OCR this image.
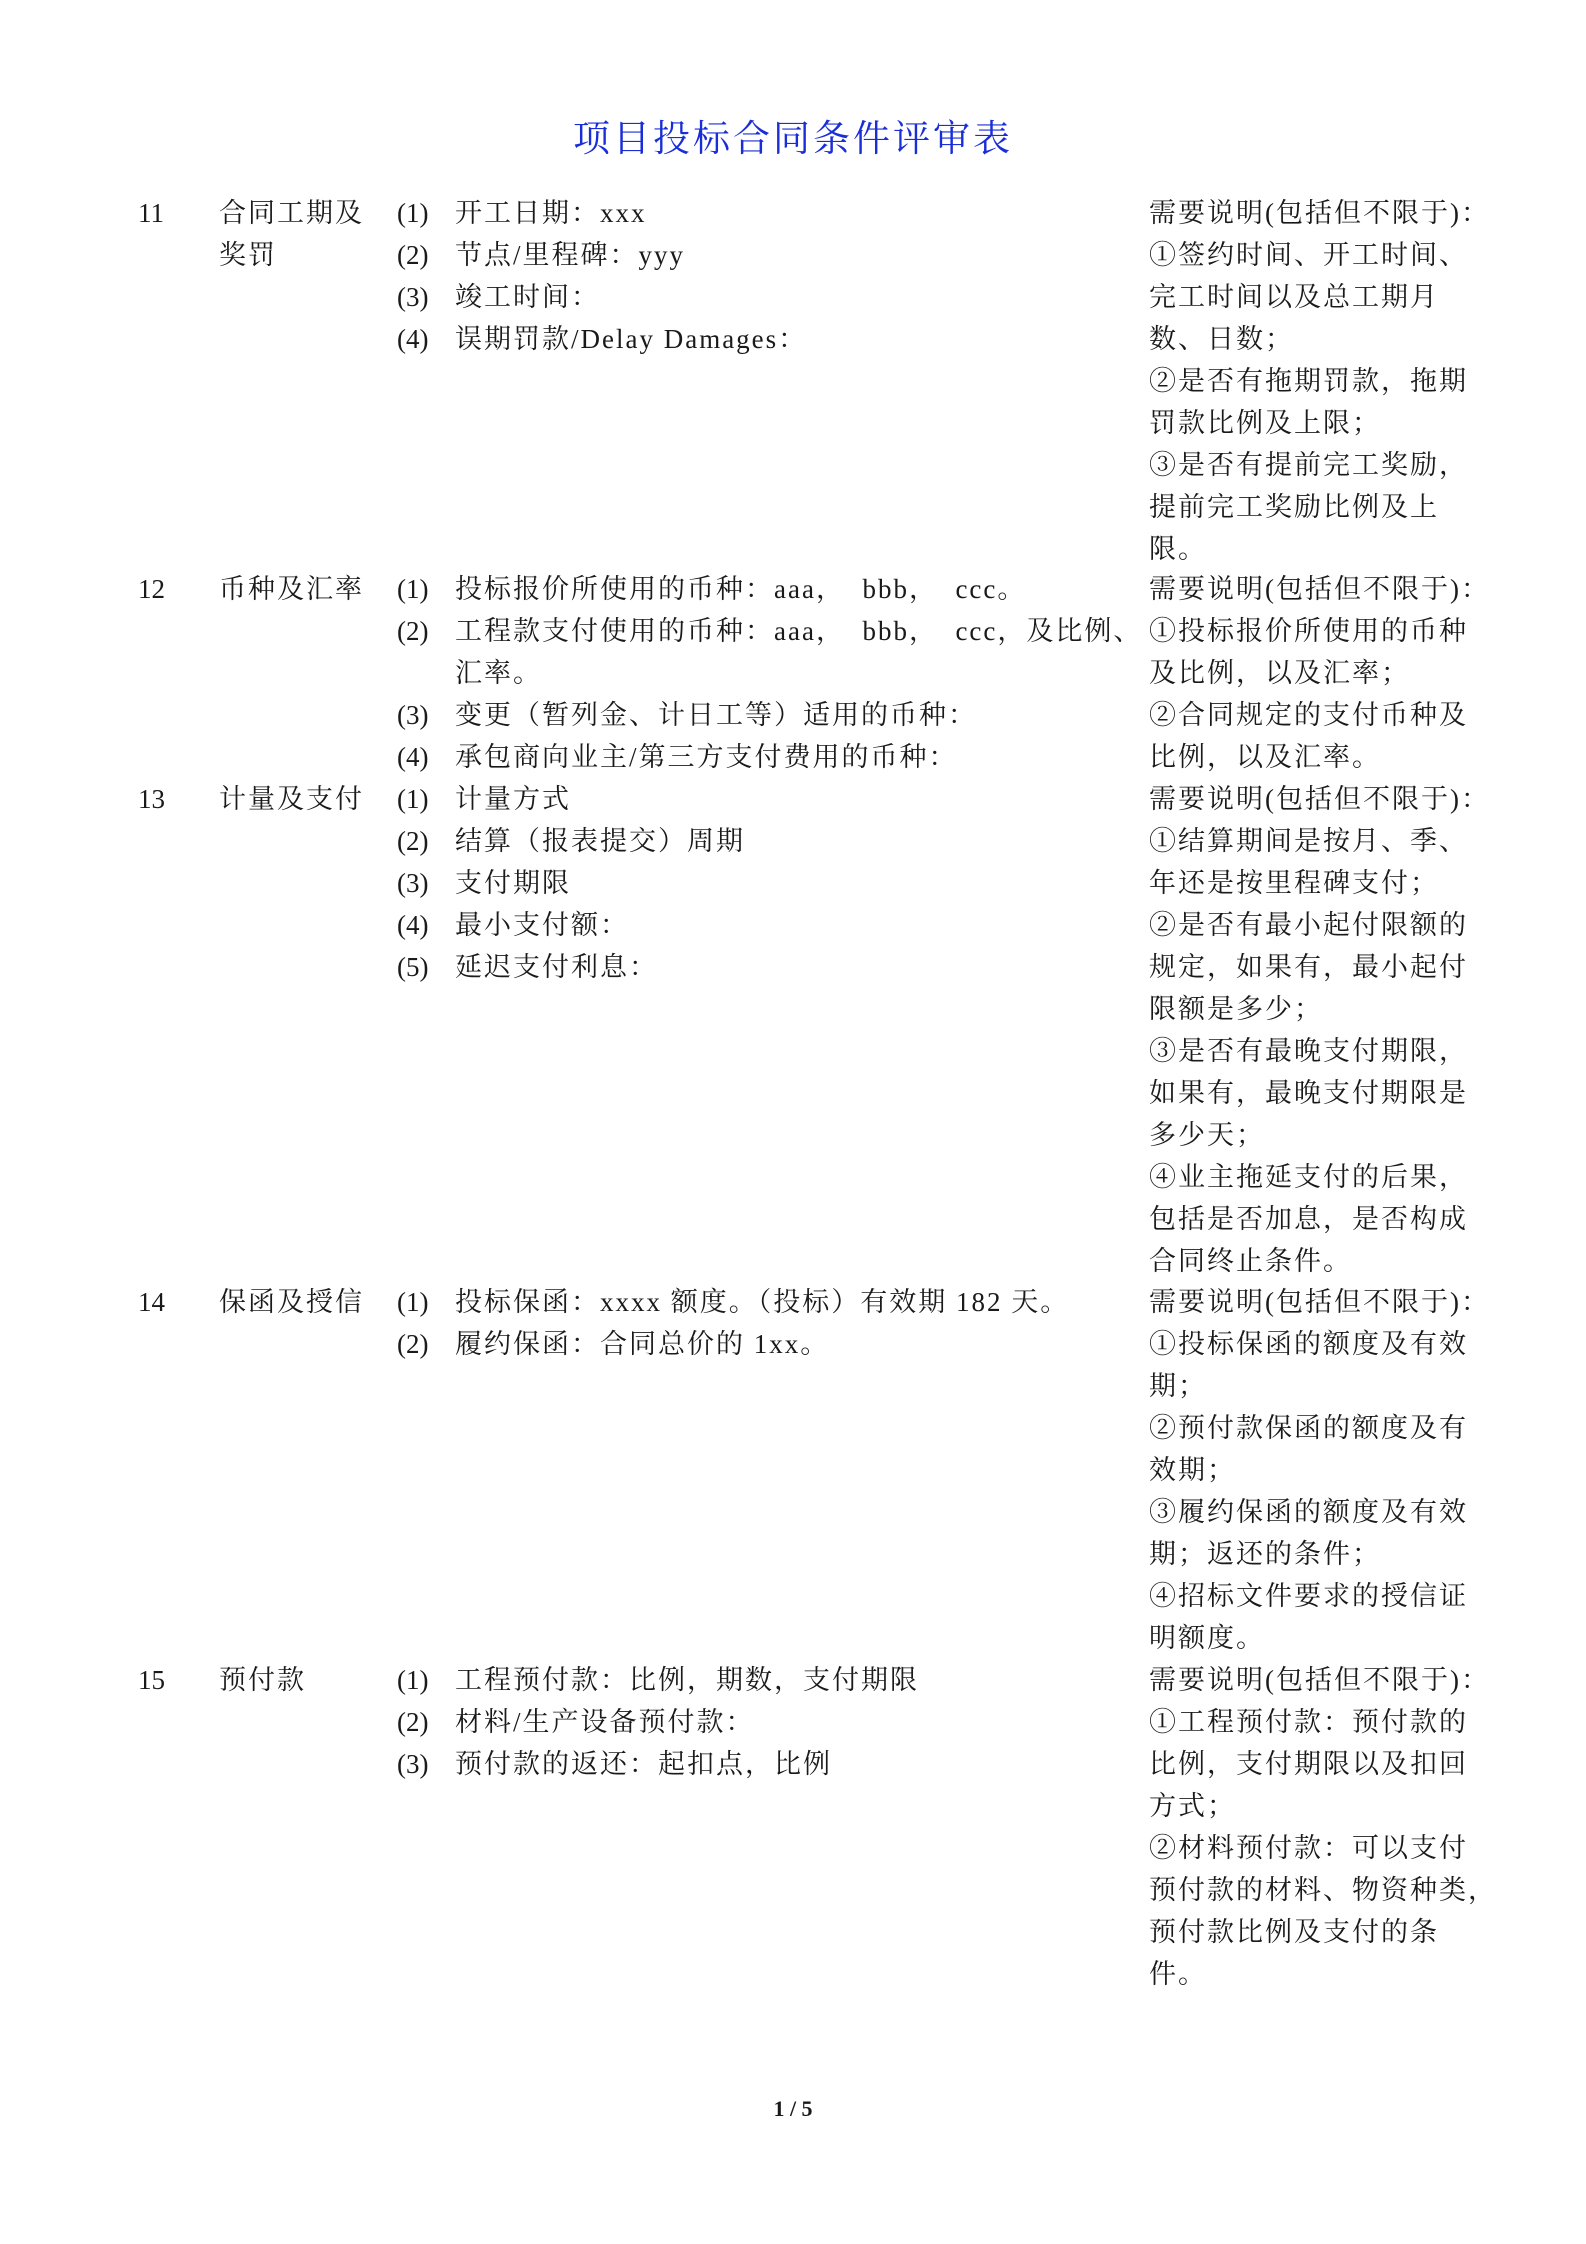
项目投标合同条件评审表
11 合同工期及
奖罚
(1) 开工日期：xxx
(2) 节点/里程碑：yyy
(3) 竣工时间：
(4) 误期罚款/Delay Damages：
需要说明(包括但不限于)：
①签约时间、开工时间、
完工时间以及总工期月
数、日数；
②是否有拖期罚款，拖期
罚款比例及上限；
③是否有提前完工奖励，
提前完工奖励比例及上
限。
12 币种及汇率 (1) 投标报价所使用的币种：aaa，  bbb，  ccc。
(2) 工程款支付使用的币种：aaa，  bbb，  ccc，及比例、
汇率。
(3) 变更（暂列金、计日工等）适用的币种：
(4) 承包商向业主/第三方支付费用的币种：
需要说明(包括但不限于)：
①投标报价所使用的币种
及比例，以及汇率；
②合同规定的支付币种及
比例，以及汇率。
13 计量及支付 (1) 计量方式
(2) 结算（报表提交）周期
(3) 支付期限
(4) 最小支付额：
(5) 延迟支付利息：
需要说明(包括但不限于)：
①结算期间是按月、季、
年还是按里程碑支付；
②是否有最小起付限额的
规定，如果有，最小起付
限额是多少；
③是否有最晚支付期限，
如果有，最晚支付期限是
多少天；
④业主拖延支付的后果，
包括是否加息，是否构成
合同终止条件。
14 保函及授信 (1) 投标保函：xxxx 额度。（投标）有效期 182 天。
(2) 履约保函：合同总价的 1xx。
需要说明(包括但不限于)：
①投标保函的额度及有效
期；
②预付款保函的额度及有
效期；
③履约保函的额度及有效
期；返还的条件；
④招标文件要求的授信证
明额度。
15 预付款	(1) 工程预付款：比例，期数，支付期限
(2) 材料/生产设备预付款：
(3) 预付款的返还：起扣点，比例
需要说明(包括但不限于)：
①工程预付款：预付款的
比例，支付期限以及扣回
方式；
②材料预付款：可以支付
预付款的材料、物资种类，
预付款比例及支付的条
件。
1 / 5
